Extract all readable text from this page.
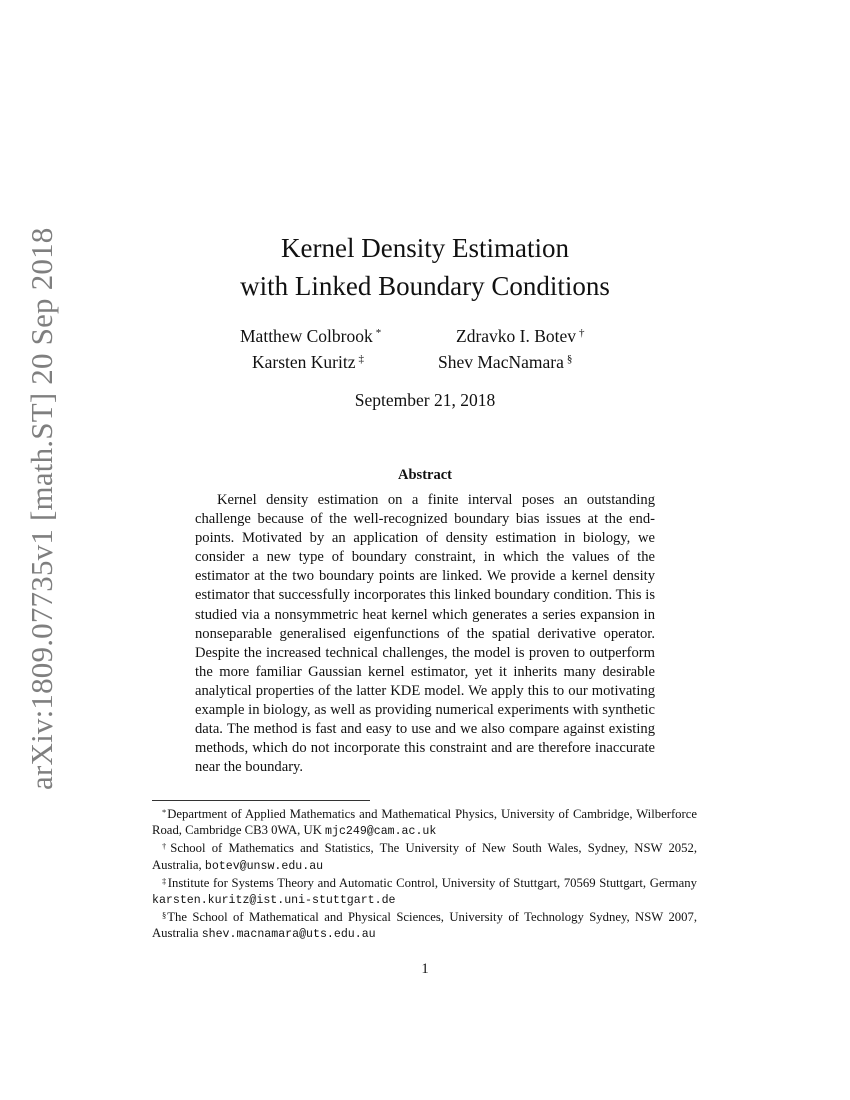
arXiv:1809.07735v1 [math.ST] 20 Sep 2018	Kernel Density Estimation
with Linked Boundary Conditions
Matthew Colbrook *	Zdravko I. Botev †
Karsten Kuritz ‡	Shev MacNamara §
September 21, 2018
Abstract
Kernel density estimation on a finite interval poses an outstanding challenge because of the well-recognized boundary bias issues at the end-points. Motivated by an application of density estimation in biology, we consider a new type of boundary constraint, in which the values of the estimator at the two boundary points are linked. We provide a kernel density estimator that successfully incorporates this linked boundary condition. This is studied via a nonsymmetric heat kernel which generates a series expansion in nonseparable generalised eigenfunctions of the spatial derivative operator. Despite the increased technical challenges, the model is proven to outperform the more familiar Gaussian kernel estimator, yet it inherits many desirable analytical properties of the latter KDE model. We apply this to our motivating example in biology, as well as providing numerical experiments with synthetic data. The method is fast and easy to use and we also compare against existing methods, which do not incorporate this constraint and are therefore inaccurate near the boundary.

*Department of Applied Mathematics and Mathematical Physics, University of Cambridge, Wilberforce Road, Cambridge CB3 0WA, UK mjc249@cam.ac.uk

†School of Mathematics and Statistics, The University of New South Wales, Sydney, NSW 2052, Australia, botev@unsw.edu.au

‡Institute for Systems Theory and Automatic Control, University of Stuttgart, 70569 Stuttgart, Germany karsten.kuritz@ist.uni-stuttgart.de

§The School of Mathematical and Physical Sciences, University of Technology Sydney, NSW 2007, Australia shev.macnamara@uts.edu.au

1
